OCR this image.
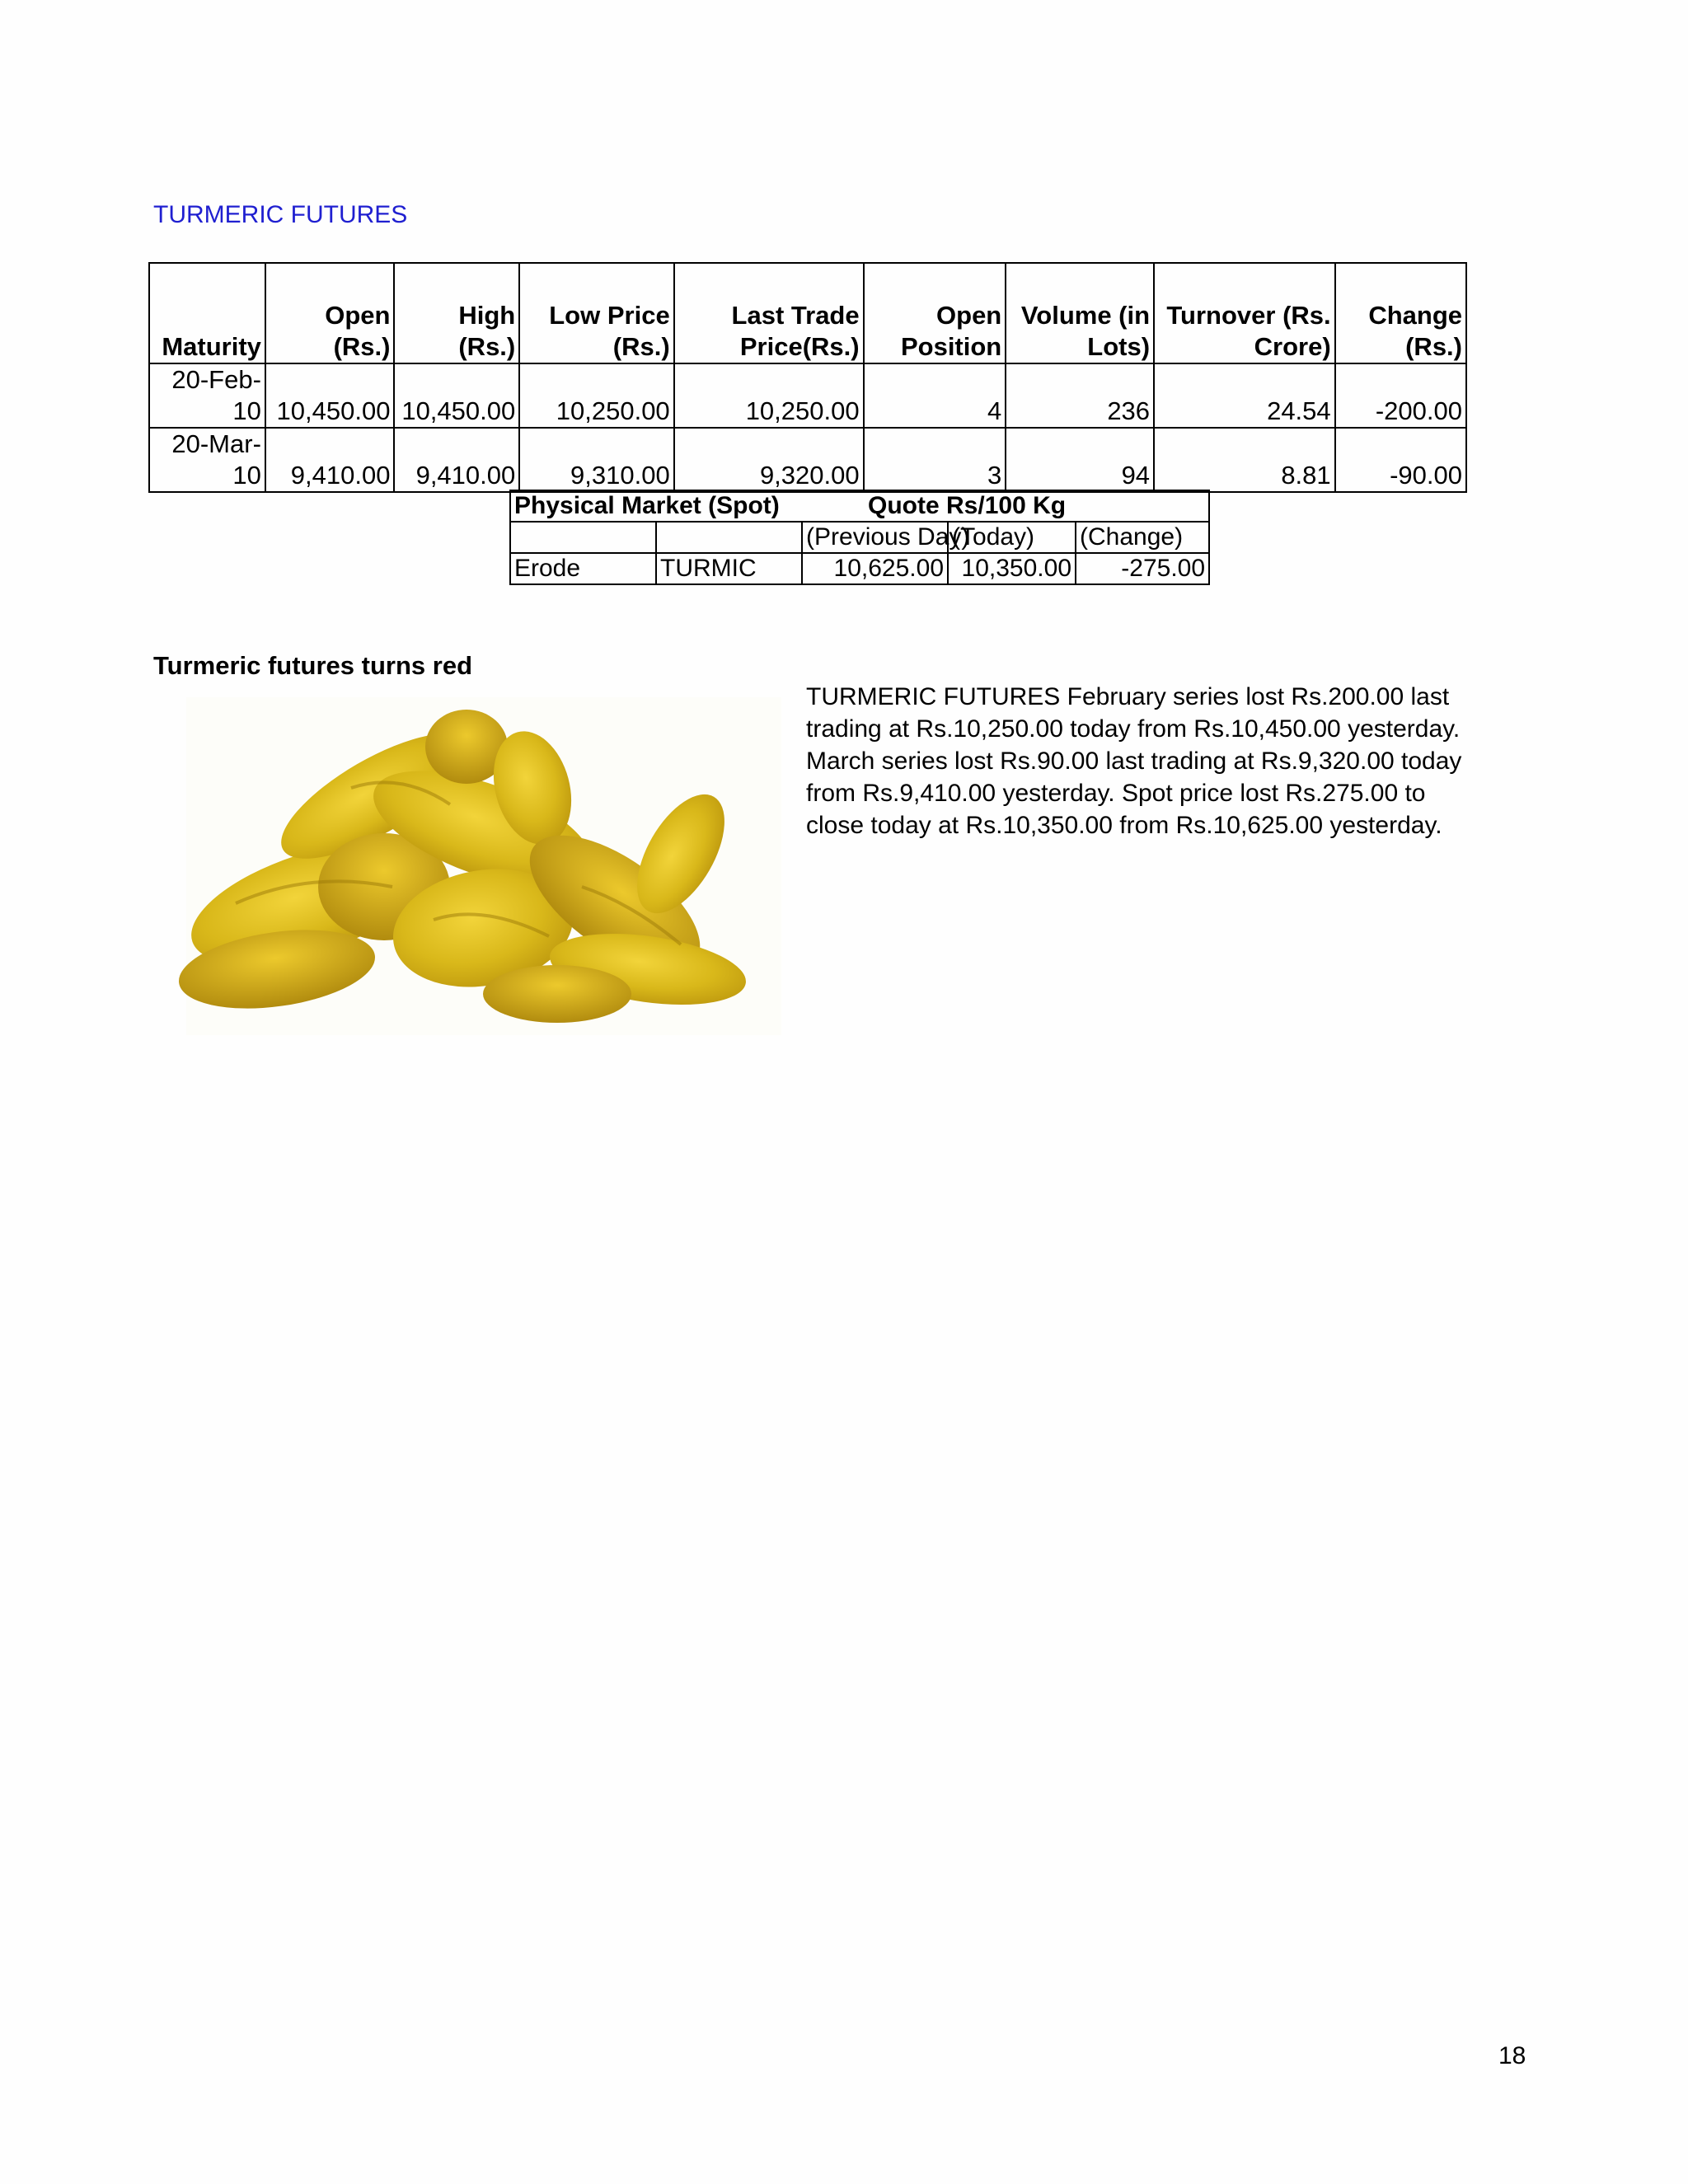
TURMERIC FUTURES
Maturity	Open (Rs.)	High (Rs.)	Low Price (Rs.)	Last Trade Price(Rs.)	Open Position	Volume (in Lots)	Turnover (Rs. Crore)	Change (Rs.)
20-Feb-10	10,450.00	10,450.00	10,250.00	10,250.00	4	236	24.54	-200.00
20-Mar-10	9,410.00	9,410.00	9,310.00	9,320.00	3	94	8.81	-90.00
Physical Market (Spot)		Quote Rs/100 Kg		
		(Previous Day)	(Today)	(Change)
Erode	TURMIC	10,625.00	10,350.00	-275.00
Turmeric futures turns red

TURMERIC FUTURES February series lost Rs.200.00 last trading at Rs.10,250.00 today from Rs.10,450.00 yesterday. March series lost Rs.90.00 last trading at Rs.9,320.00 today from Rs.9,410.00 yesterday. Spot price lost Rs.275.00 to close today at Rs.10,350.00 from Rs.10,625.00 yesterday.

18
